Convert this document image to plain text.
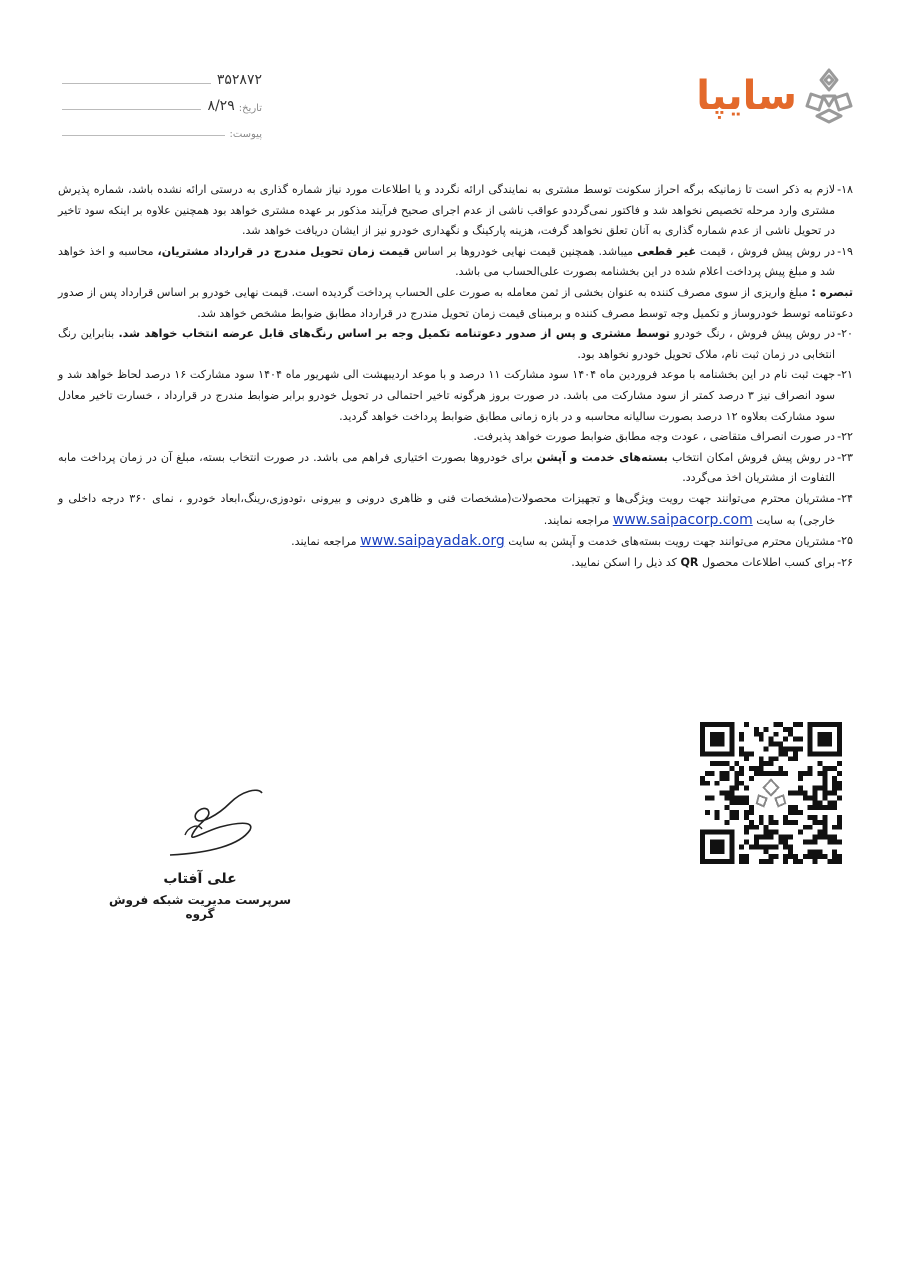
۳۵۲۸۷۲
تاریخ:
۸/۲۹
پیوست:
سایپا
۱۸-
لازم به ذکر است تا زمانیکه برگه احراز سکونت توسط مشتری به نمایندگی ارائه نگردد و یا اطلاعات مورد نیاز شماره گذاری به درستی ارائه نشده باشد، شماره پذیرش مشتری وارد مرحله تخصیص نخواهد شد و فاکتور نمی‌گرددو عواقب ناشی از عدم اجرای صحیح فرآیند مذکور بر عهده مشتری خواهد بود همچنین علاوه بر اینکه سود تاخیر در تحویل ناشی از عدم شماره گذاری به آنان تعلق نخواهد گرفت، هزینه پارکینگ و نگهداری خودرو نیز از ایشان دریافت خواهد شد.
۱۹-
در روش پیش فروش ، قیمت غیر قطعی میباشد. همچنین قیمت نهایی خودروها بر اساس قیمت زمان تحویل مندرج در قرارداد مشتریان، محاسبه و اخذ خواهد شد و مبلغ پیش پرداخت اعلام شده در این بخشنامه بصورت علی‌الحساب می باشد.
تبصره : مبلغ واریزی از سوی مصرف کننده به عنوان بخشی از ثمن معامله به صورت علی الحساب پرداخت گردیده است. قیمت نهایی خودرو بر اساس قرارداد پس از صدور دعوتنامه توسط خودروساز و تکمیل وجه توسط مصرف کننده و برمبنای قیمت زمان تحویل مندرج در قرارداد مطابق ضوابط مشخص خواهد شد.
۲۰-
در روش پیش فروش ، رنگ خودرو توسط مشتری و پس از صدور دعوتنامه تکمیل وجه بر اساس رنگ‌های قابل عرضه انتخاب خواهد شد. بنابراین رنگ انتخابی در زمان ثبت نام، ملاک تحویل خودرو نخواهد بود.
۲۱-
جهت ثبت نام در این بخشنامه با موعد فروردین ماه ۱۴۰۴ سود مشارکت ۱۱ درصد و با موعد اردیبهشت الی شهریور ماه ۱۴۰۴ سود مشارکت ۱۶ درصد لحاظ خواهد شد و سود انصراف نیز ۳ درصد کمتر از سود مشارکت می باشد. در صورت بروز هرگونه تاخیر احتمالی در تحویل خودرو برابر ضوابط مندرج در قرارداد ، خسارت تاخیر معادل سود مشارکت بعلاوه ۱۲ درصد بصورت سالیانه محاسبه و در بازه زمانی مطابق ضوابط پرداخت خواهد گردید.
۲۲-
در صورت انصراف متقاضی ، عودت وجه مطابق ضوابط صورت خواهد پذیرفت.
۲۳-
در روش پیش فروش امکان انتخاب بسته‌های خدمت و آپشن برای خودروها بصورت اختیاری فراهم می باشد. در صورت انتخاب بسته، مبلغ آن در زمان پرداخت مابه التفاوت از مشتریان اخذ می‌گردد.
۲۴-
مشتریان محترم می‌توانند جهت رویت ویژگی‌ها و تجهیزات محصولات(مشخصات فنی و ظاهری درونی و بیرونی ،تودوزی،رینگ،ابعاد خودرو ، نمای ۳۶۰ درجه داخلی و خارجی) به سایت www.saipacorp.com مراجعه نمایند.
۲۵-
مشتریان محترم می‌توانند جهت رویت بسته‌های خدمت و آپشن به سایت www.saipayadak.org مراجعه نمایند.
۲۶-
برای کسب اطلاعات محصول QR کد ذیل را اسکن نمایید.
علی آفتاب
سرپرست مدیریت شبکه فروش گروه
